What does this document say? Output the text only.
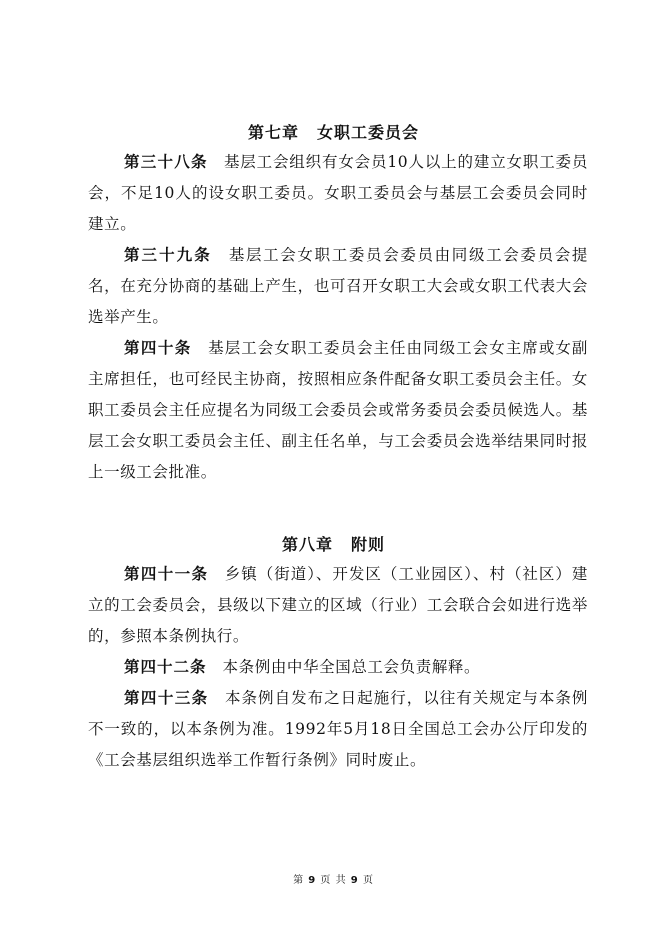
第七章 女职工委员会

第三十八条 基层工会组织有女会员10人以上的建立女职工委员会，不足10人的设女职工委员。女职工委员会与基层工会委员会同时建立。

第三十九条 基层工会女职工委员会委员由同级工会委员会提名，在充分协商的基础上产生，也可召开女职工大会或女职工代表大会选举产生。

第四十条 基层工会女职工委员会主任由同级工会女主席或女副主席担任，也可经民主协商，按照相应条件配备女职工委员会主任。女职工委员会主任应提名为同级工会委员会或常务委员会委员候选人。基层工会女职工委员会主任、副主任名单，与工会委员会选举结果同时报上一级工会批准。

第八章 附则

第四十一条 乡镇（街道）、开发区（工业园区）、村（社区）建立的工会委员会，县级以下建立的区域（行业）工会联合会如进行选举的，参照本条例执行。

第四十二条 本条例由中华全国总工会负责解释。

第四十三条 本条例自发布之日起施行，以往有关规定与本条例不一致的，以本条例为准。1992年5月18日全国总工会办公厅印发的《工会基层组织选举工作暂行条例》同时废止。

第 9 页 共 9 页
